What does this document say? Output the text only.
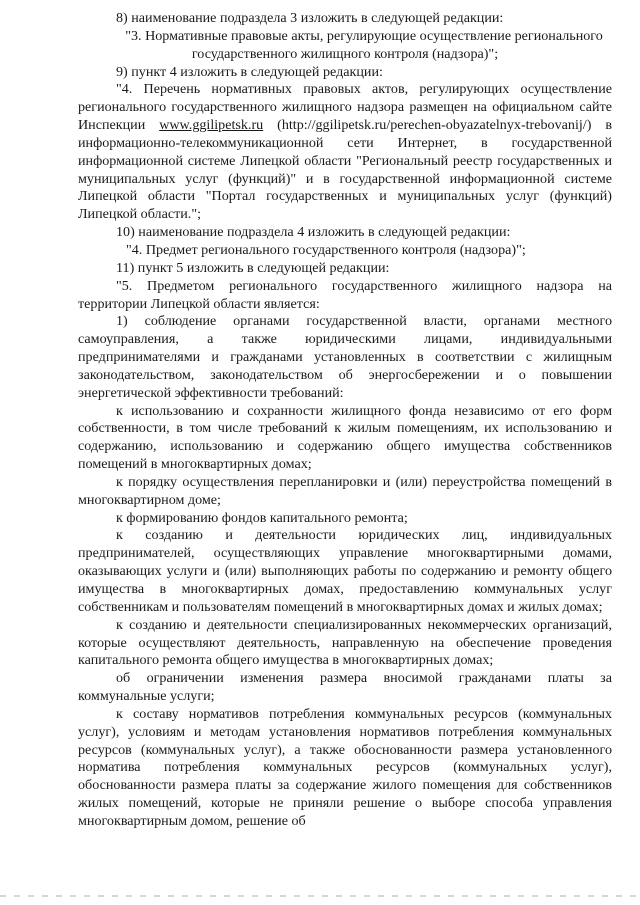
8) наименование подраздела 3 изложить в следующей редакции:

"3. Нормативные правовые акты, регулирующие осуществление регионального государственного жилищного контроля (надзора)";

9) пункт 4 изложить в следующей редакции:

"4. Перечень нормативных правовых актов, регулирующих осуществление регионального государственного жилищного надзора размещен на официальном сайте Инспекции www.ggilipetsk.ru (http://ggilipetsk.ru/perechen-obyazatelnyx-trebovanij/) в информационно-телекоммуникационной сети Интернет, в государственной информационной системе Липецкой области "Региональный реестр государственных и муниципальных услуг (функций)" и в государственной информационной системе Липецкой области "Портал государственных и муниципальных услуг (функций) Липецкой области.";

10) наименование подраздела 4 изложить в следующей редакции:

"4. Предмет регионального государственного контроля (надзора)";

11) пункт 5 изложить в следующей редакции:

"5. Предметом регионального государственного жилищного надзора на территории Липецкой области является:

1) соблюдение органами государственной власти, органами местного самоуправления, а также юридическими лицами, индивидуальными предпринимателями и гражданами установленных в соответствии с жилищным законодательством, законодательством об энергосбережении и о повышении энергетической эффективности требований:

к использованию и сохранности жилищного фонда независимо от его форм собственности, в том числе требований к жилым помещениям, их использованию и содержанию, использованию и содержанию общего имущества собственников помещений в многоквартирных домах;

к порядку осуществления перепланировки и (или) переустройства помещений в многоквартирном доме;

к формированию фондов капитального ремонта;

к созданию и деятельности юридических лиц, индивидуальных предпринимателей, осуществляющих управление многоквартирными домами, оказывающих услуги и (или) выполняющих работы по содержанию и ремонту общего имущества в многоквартирных домах, предоставлению коммунальных услуг собственникам и пользователям помещений в многоквартирных домах и жилых домах;

к созданию и деятельности специализированных некоммерческих организаций, которые осуществляют деятельность, направленную на обеспечение проведения капитального ремонта общего имущества в многоквартирных домах;

об ограничении изменения размера вносимой гражданами платы за коммунальные услуги;

к составу нормативов потребления коммунальных ресурсов (коммунальных услуг), условиям и методам установления нормативов потребления коммунальных ресурсов (коммунальных услуг), а также обоснованности размера установленного норматива потребления коммунальных ресурсов (коммунальных услуг), обоснованности размера платы за содержание жилого помещения для собственников жилых помещений, которые не приняли решение о выборе способа управления многоквартирным домом, решение об
